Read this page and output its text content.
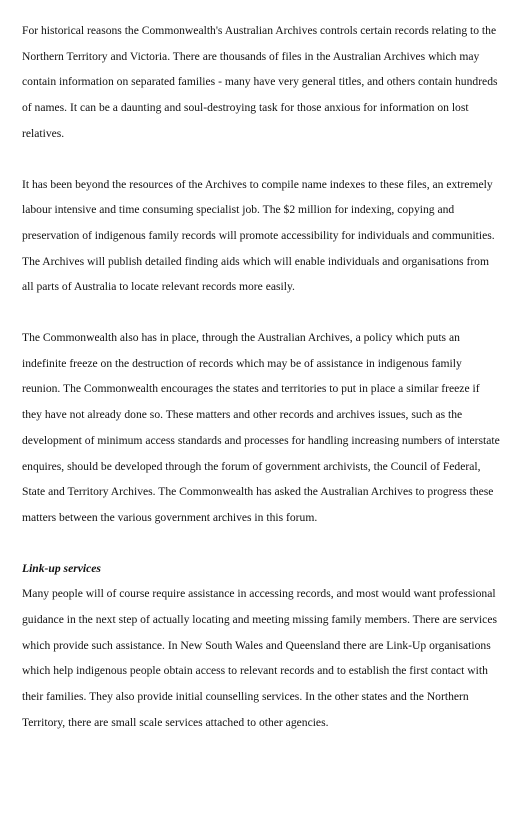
For historical reasons the Commonwealth's Australian Archives controls certain records relating to the Northern Territory and Victoria. There are thousands of files in the Australian Archives which may contain information on separated families - many have very general titles, and others contain hundreds of names. It can be a daunting and soul-destroying task for those anxious for information on lost relatives.

It has been beyond the resources of the Archives to compile name indexes to these files, an extremely labour intensive and time consuming specialist job. The $2 million for indexing, copying and preservation of indigenous family records will promote accessibility for individuals and communities. The Archives will publish detailed finding aids which will enable individuals and organisations from all parts of Australia to locate relevant records more easily.

The Commonwealth also has in place, through the Australian Archives, a policy which puts an indefinite freeze on the destruction of records which may be of assistance in indigenous family reunion. The Commonwealth encourages the states and territories to put in place a similar freeze if they have not already done so. These matters and other records and archives issues, such as the development of minimum access standards and processes for handling increasing numbers of interstate enquires, should be developed through the forum of government archivists, the Council of Federal, State and Territory Archives. The Commonwealth has asked the Australian Archives to progress these matters between the various government archives in this forum.

Link-up services

Many people will of course require assistance in accessing records, and most would want professional guidance in the next step of actually locating and meeting missing family members. There are services which provide such assistance. In New South Wales and Queensland there are Link-Up organisations which help indigenous people obtain access to relevant records and to establish the first contact with their families. They also provide initial counselling services. In the other states and the Northern Territory, there are small scale services attached to other agencies.
